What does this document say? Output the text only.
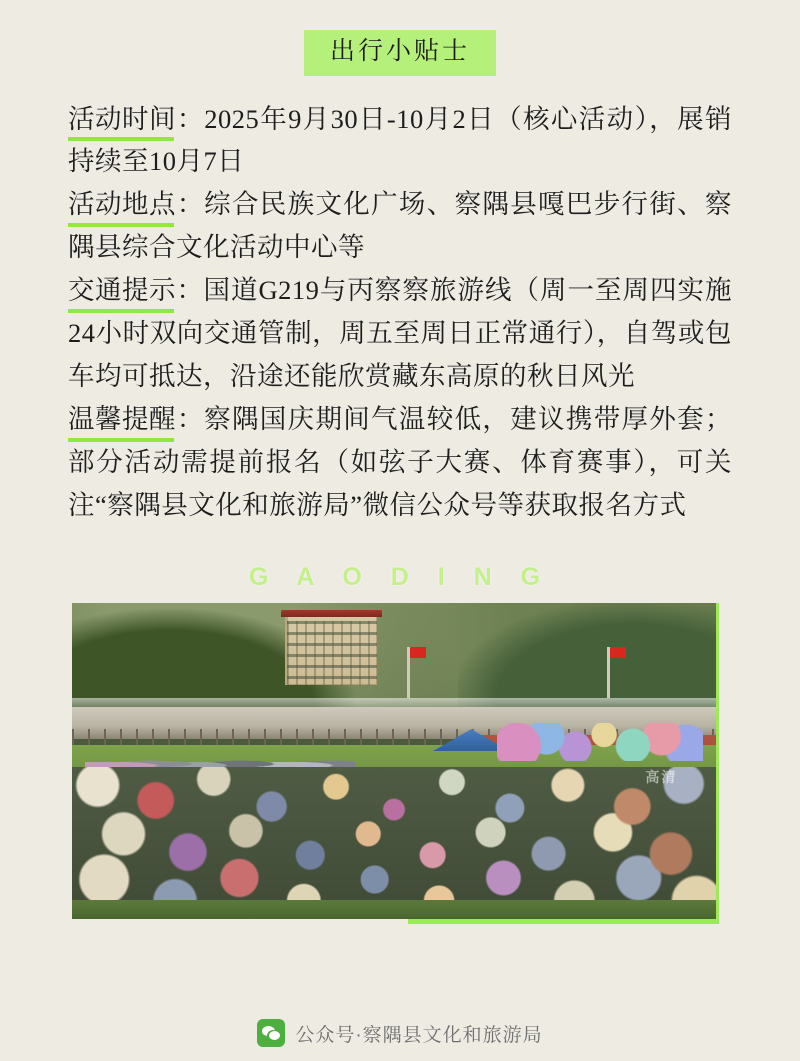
出行小贴士

活动时间：2025年9月30日-10月2日（核心活动），展销持续至10月7日

活动地点：综合民族文化广场、察隅县嘎巴步行街、察隅县综合文化活动中心等

交通提示：国道G219与丙察察旅游线（周一至周四实施24小时双向交通管制，周五至周日正常通行），自驾或包车均可抵达，沿途还能欣赏藏东高原的秋日风光

温馨提醒：察隅国庆期间气温较低，建议携带厚外套；部分活动需提前报名（如弦子大赛、体育赛事），可关注“察隅县文化和旅游局”微信公众号等获取报名方式

G A O D I N G
高清
公众号·察隅县文化和旅游局
